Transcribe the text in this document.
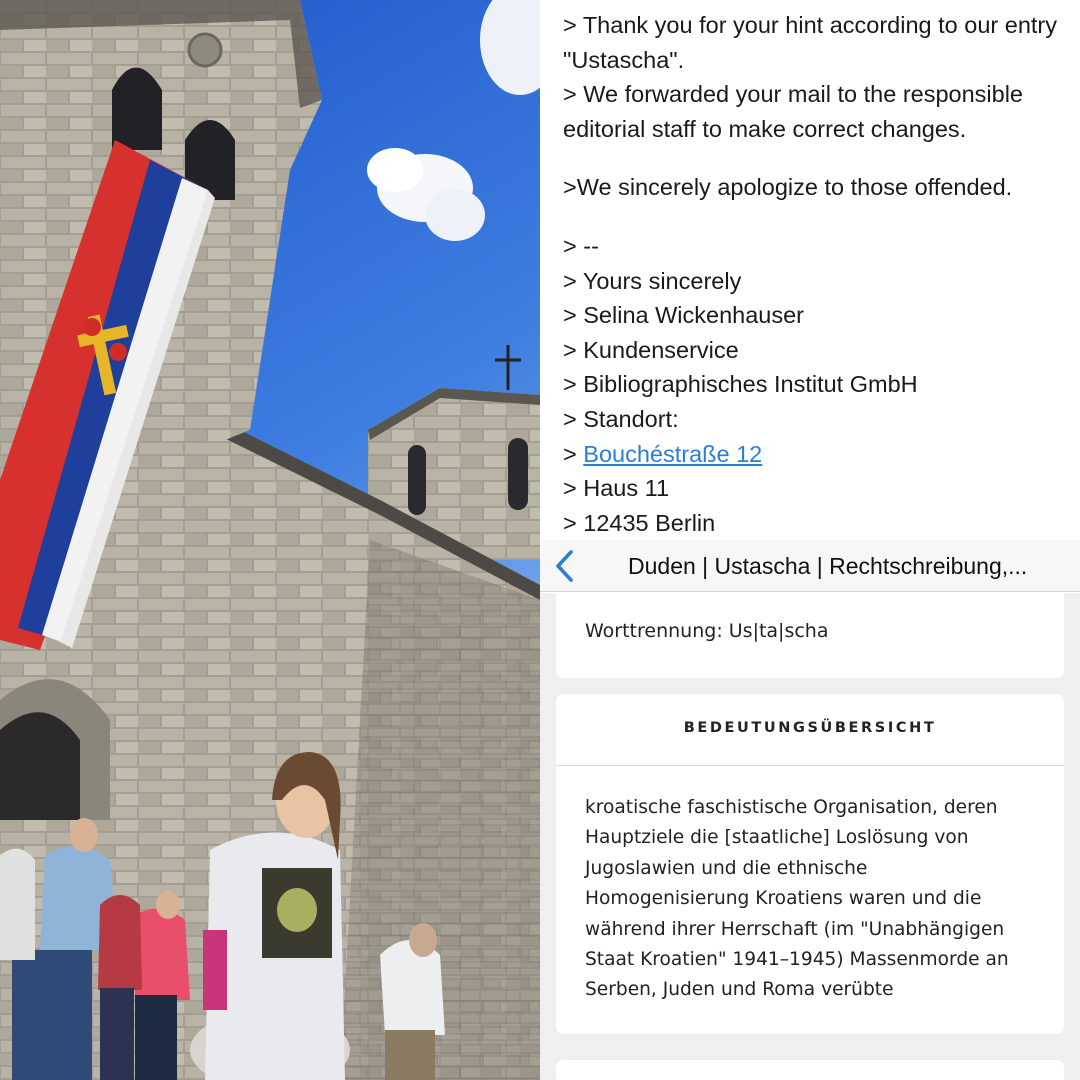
> Thank you for your hint according to our entry "Ustascha".
> We forwarded your mail to the responsible editorial staff to make correct changes.
>We sincerely apologize to those offended.
> --
> Yours sincerely
> Selina Wickenhauser
> Kundenservice
> Bibliographisches Institut GmbH
> Standort:
> Bouchéstraße 12
> Haus 11
> 12435 Berlin
Duden | Ustascha | Rechtschreibung,...
Worttrennung: Us|ta|scha
BEDEUTUNGSÜBERSICHT
kroatische faschistische Organisation, deren Hauptziele die [staatliche] Loslösung von Jugoslawien und die ethnische Homogenisierung Kroatiens waren und die während ihrer Herrschaft (im "Unabhängigen Staat Kroatien" 1941–1945) Massenmorde an Serben, Juden und Roma verübte
